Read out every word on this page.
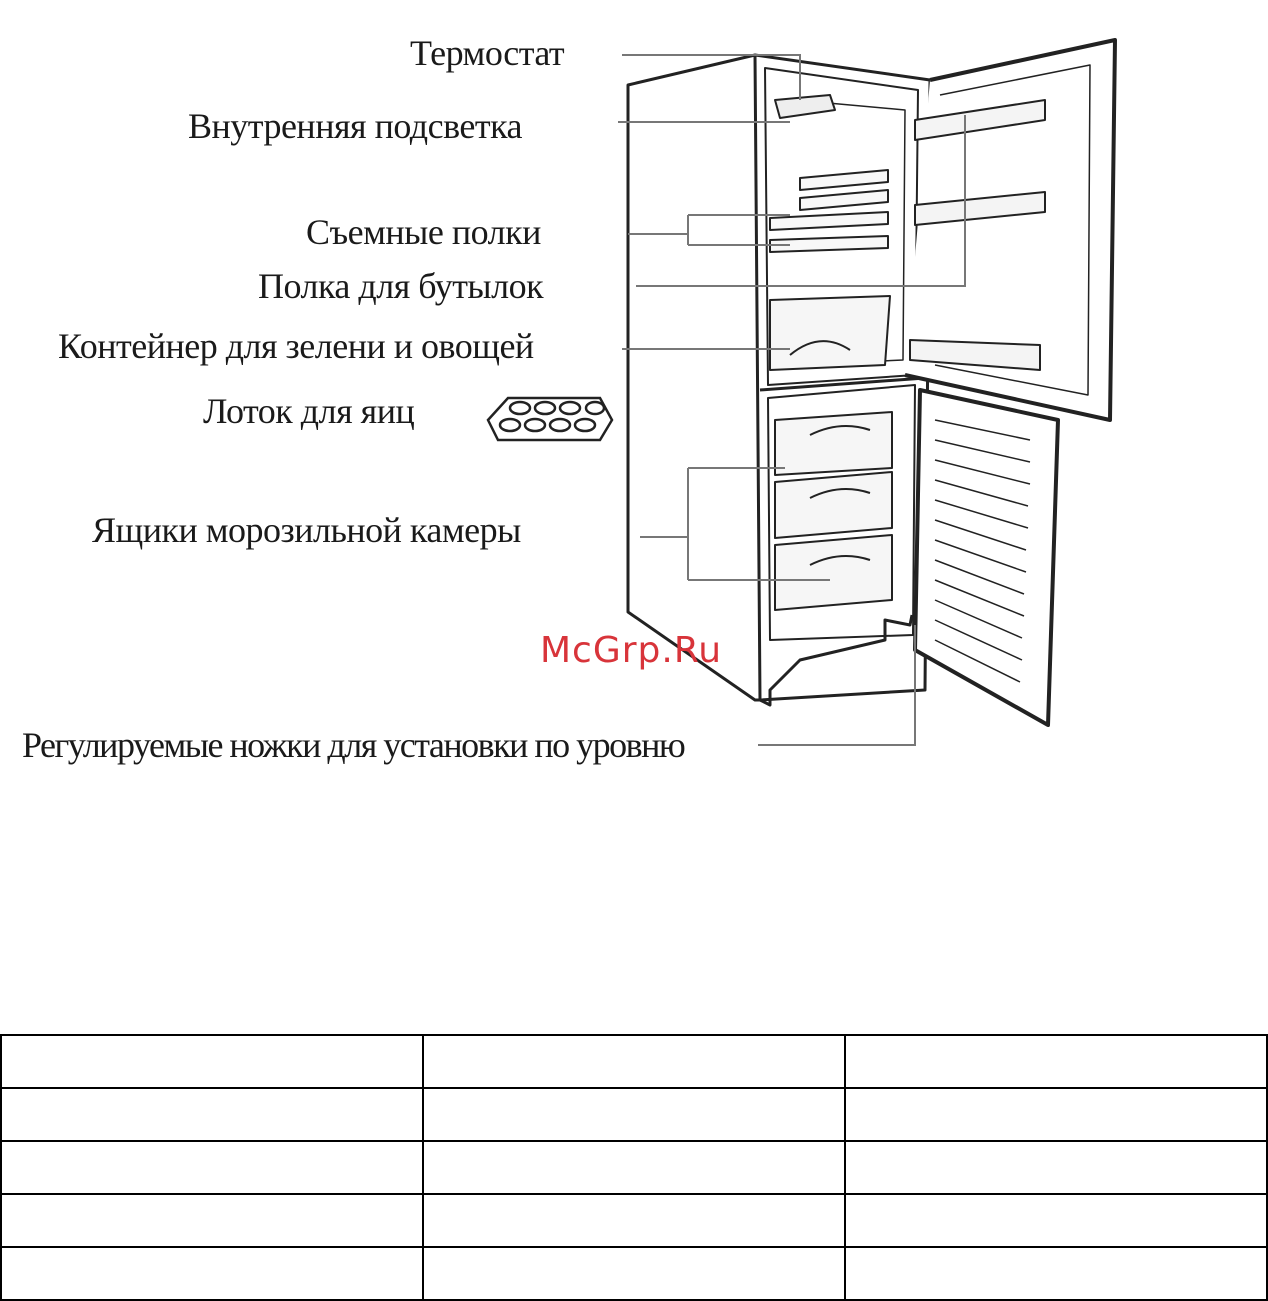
Термостат
Внутренняя подсветка
Съемные полки
Полка для бутылок
Контейнер для зелени и овощей
Лоток для яиц
Ящики морозильной камеры
Регулируемые ножки для установки по уровню
McGrp.Ru
